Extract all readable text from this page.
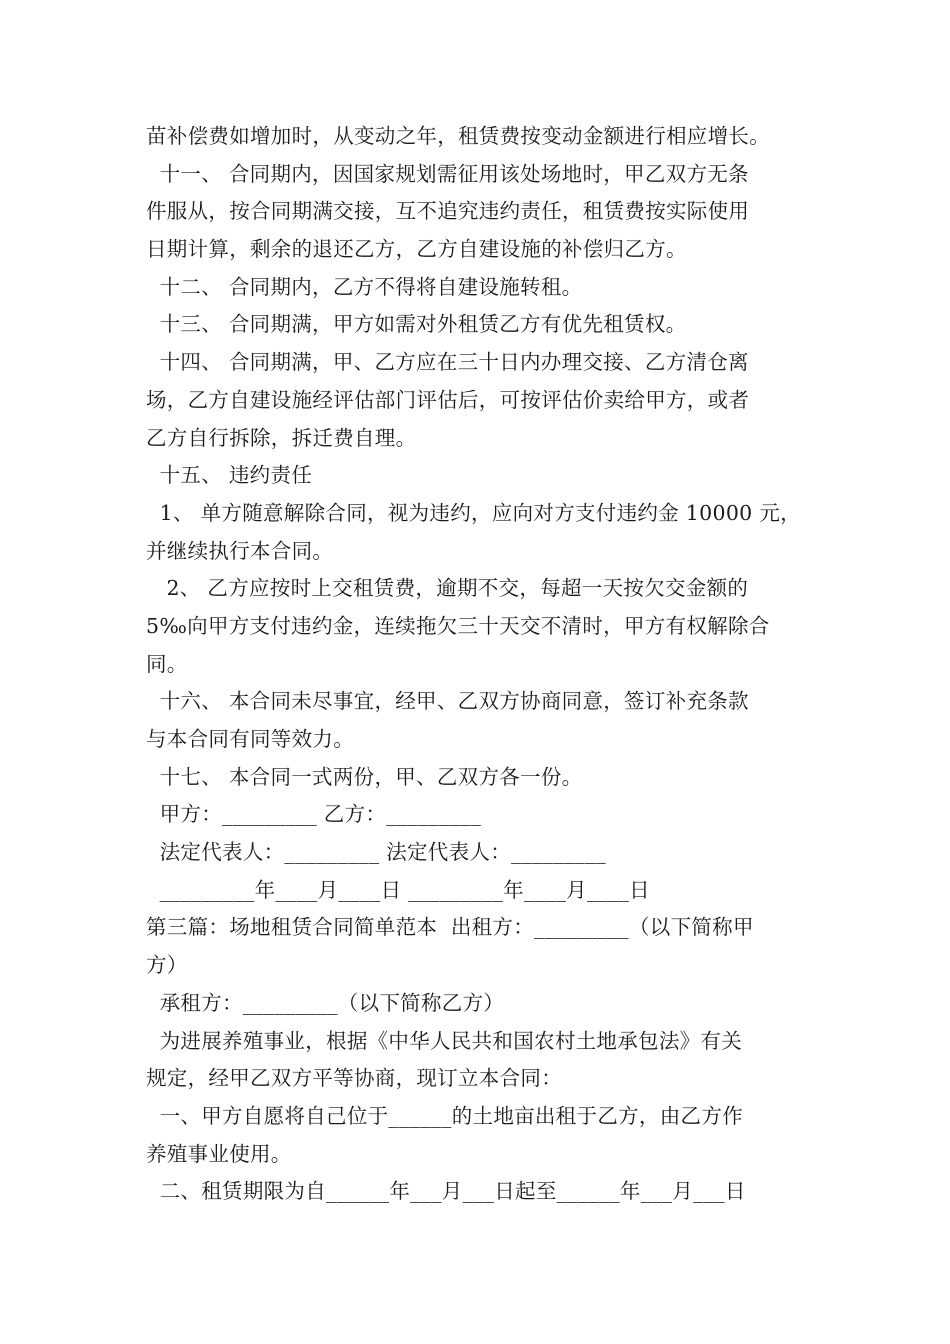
苗补偿费如增加时，从变动之年，租赁费按变动金额进行相应增长。
十一、 合同期内，因国家规划需征用该处场地时，甲乙双方无条
件服从，按合同期满交接，互不追究违约责任，租赁费按实际使用
日期计算，剩余的退还乙方，乙方自建设施的补偿归乙方。
十二、 合同期内，乙方不得将自建设施转租。
十三、 合同期满，甲方如需对外租赁乙方有优先租赁权。
十四、 合同期满，甲、乙方应在三十日内办理交接、乙方清仓离
场，乙方自建设施经评估部门评估后，可按评估价卖给甲方，或者
乙方自行拆除，拆迁费自理。
十五、 违约责任
1、 单方随意解除合同，视为违约，应向对方支付违约金 10000 元，
并继续执行本合同。
2、 乙方应按时上交租赁费，逾期不交，每超一天按欠交金额的
5‰向甲方支付违约金，连续拖欠三十天交不清时，甲方有权解除合
同。
十六、 本合同未尽事宜，经甲、乙双方协商同意，签订补充条款
与本合同有同等效力。
十七、 本合同一式两份，甲、乙双方各一份。
甲方：_________ 乙方：_________
法定代表人：_________ 法定代表人：_________
_________年____月____日 _________年____月____日
第三篇：场地租赁合同简单范本  出租方：_________（以下简称甲
方）
承租方：_________（以下简称乙方）
为进展养殖事业，根据《中华人民共和国农村土地承包法》有关
规定，经甲乙双方平等协商，现订立本合同：
一、甲方自愿将自己位于______的土地亩出租于乙方，由乙方作
养殖事业使用。
二、租赁期限为自______年___月___日起至______年___月___日
